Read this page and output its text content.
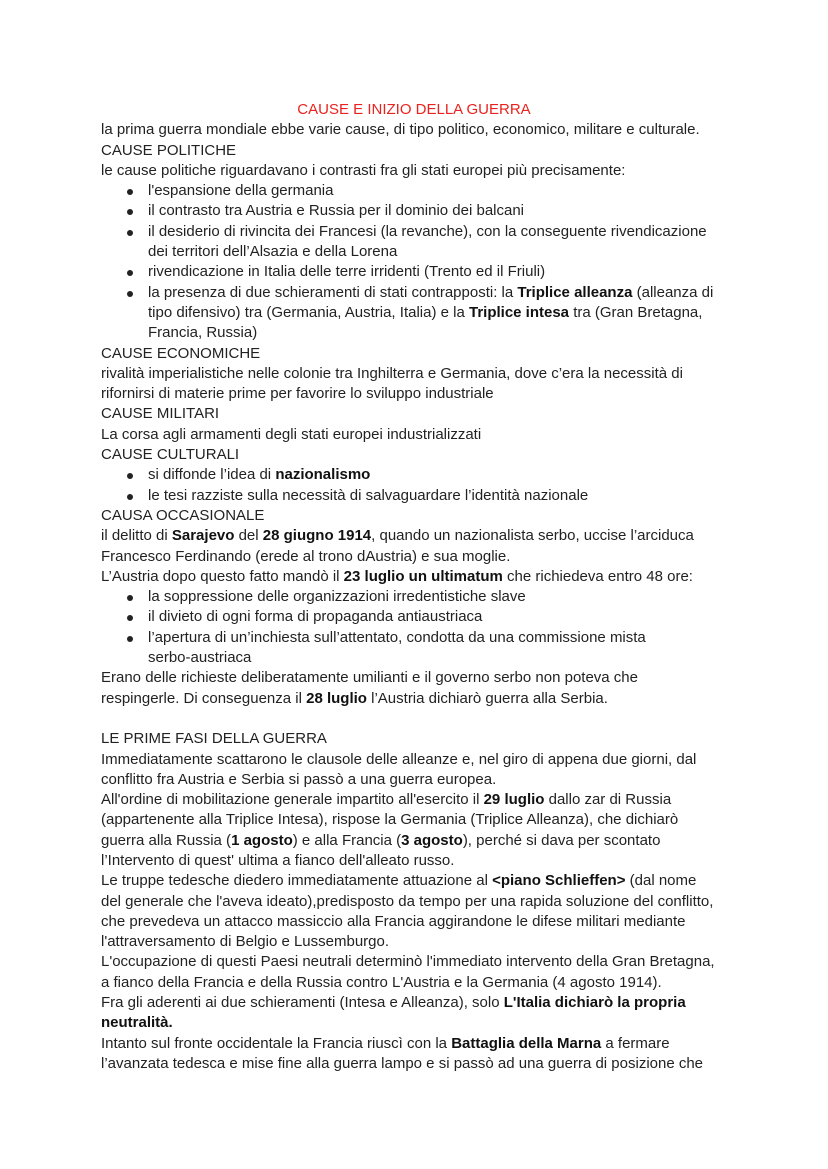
CAUSE E INIZIO DELLA GUERRA
la prima guerra mondiale ebbe varie cause, di tipo politico, economico, militare e culturale.
CAUSE POLITICHE
le cause politiche riguardavano i contrasti fra gli stati europei più precisamente:
l'espansione della germania
il contrasto tra Austria e Russia per il dominio dei balcani
il desiderio di rivincita dei Francesi (la revanche), con la conseguente rivendicazione
dei territori dell’Alsazia e della Lorena
rivendicazione in Italia delle terre irridenti (Trento ed il Friuli)
la presenza di due schieramenti di stati contrapposti: la Triplice alleanza (alleanza di
tipo difensivo) tra (Germania, Austria, Italia) e la Triplice intesa tra (Gran Bretagna,
Francia, Russia)
CAUSE ECONOMICHE
rivalità imperialistiche nelle colonie tra Inghilterra e Germania, dove c’era la necessità di
rifornirsi di materie prime per favorire lo sviluppo industriale
CAUSE MILITARI
La corsa agli armamenti degli stati europei industrializzati
CAUSE CULTURALI
si diffonde l’idea di nazionalismo
le tesi razziste sulla necessità di salvaguardare l’identità nazionale
CAUSA OCCASIONALE
il delitto di Sarajevo del 28 giugno 1914, quando un nazionalista serbo, uccise l’arciduca
Francesco Ferdinando (erede al trono dAustria) e sua moglie.
L’Austria dopo questo fatto mandò il 23 luglio un ultimatum che richiedeva entro 48 ore:
la soppressione delle organizzazioni irredentistiche slave
il divieto di ogni forma di propaganda antiaustriaca
l’apertura di un’inchiesta sull’attentato, condotta da una commissione mista
serbo-austriaca
Erano delle richieste deliberatamente umilianti e il governo serbo non poteva che
respingerle. Di conseguenza il 28 luglio l’Austria dichiarò guerra alla Serbia.
LE PRIME FASI DELLA GUERRA
Immediatamente scattarono le clausole delle alleanze e, nel giro di appena due giorni, dal
conflitto fra Austria e Serbia si passò a una guerra europea.
All'ordine di mobilitazione generale impartito all'esercito il 29 luglio dallo zar di Russia
(appartenente alla Triplice Intesa), rispose la Germania (Triplice Alleanza), che dichiarò
guerra alla Russia (1 agosto) e alla Francia (3 agosto), perché si dava per scontato
l’Intervento di quest' ultima a fianco dell'alleato russo.
Le truppe tedesche diedero immediatamente attuazione al <piano Schlieffen> (dal nome
del generale che l'aveva ideato),predisposto da tempo per una rapida soluzione del conflitto,
che prevedeva un attacco massiccio alla Francia aggirandone le difese militari mediante
l'attraversamento di Belgio e Lussemburgo.
L'occupazione di questi Paesi neutrali determinò l'immediato intervento della Gran Bretagna,
a fianco della Francia e della Russia contro L'Austria e la Germania (4 agosto 1914).
Fra gli aderenti ai due schieramenti (Intesa e Alleanza), solo L'Italia dichiarò la propria
neutralità.
Intanto sul fronte occidentale la Francia riuscì con la Battaglia della Marna a fermare
l’avanzata tedesca e mise fine alla guerra lampo e si passò ad una guerra di posizione che
